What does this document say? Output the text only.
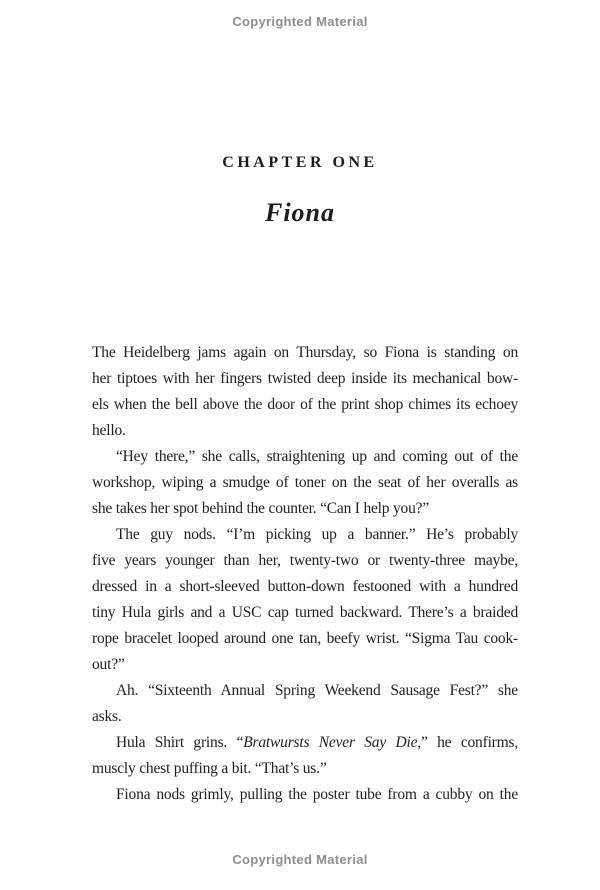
Copyrighted Material
CHAPTER ONE
Fiona
The Heidelberg jams again on Thursday, so Fiona is standing on
her tiptoes with her fingers twisted deep inside its mechanical bow-
els when the bell above the door of the print shop chimes its echoey
hello.
“Hey there,” she calls, straightening up and coming out of the
workshop, wiping a smudge of toner on the seat of her overalls as
she takes her spot behind the counter. “Can I help you?”
The guy nods. “I’m picking up a banner.” He’s probably
five years younger than her, twenty-two or twenty-three maybe,
dressed in a short-sleeved button-down festooned with a hundred
tiny Hula girls and a USC cap turned backward. There’s a braided
rope bracelet looped around one tan, beefy wrist. “Sigma Tau cook-
out?”
Ah. “Sixteenth Annual Spring Weekend Sausage Fest?” she
asks.
Hula Shirt grins. “Bratwursts Never Say Die,” he confirms,
muscly chest puffing a bit. “That’s us.”
Fiona nods grimly, pulling the poster tube from a cubby on the
Copyrighted Material
